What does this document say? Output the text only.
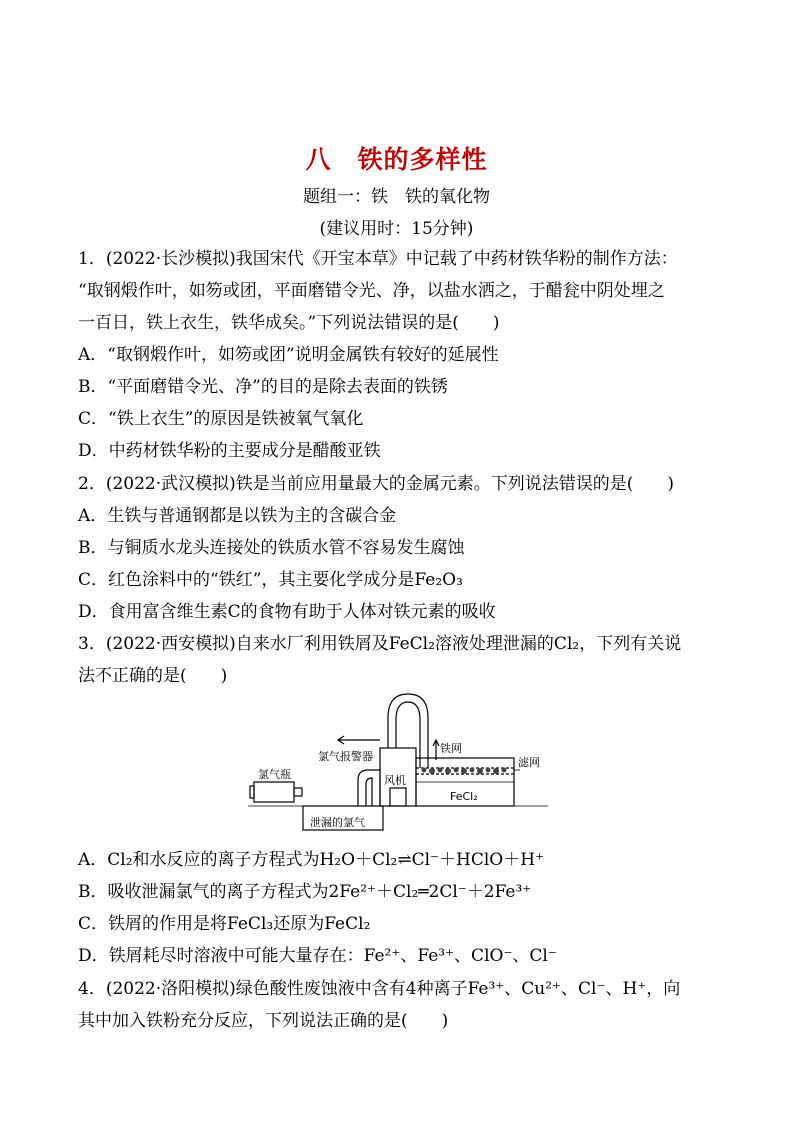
八　铁的多样性
题组一：铁　铁的氧化物
(建议用时：15分钟)
1．(2022·长沙模拟)我国宋代《开宝本草》中记载了中药材铁华粉的制作方法：
“取钢煅作叶，如笏或团，平面磨错令光、净，以盐水洒之，于醋瓮中阴处埋之
一百日，铁上衣生，铁华成矣。”下列说法错误的是(　　)
A．“取钢煅作叶，如笏或团”说明金属铁有较好的延展性
B．“平面磨错令光、净”的目的是除去表面的铁锈
C．“铁上衣生”的原因是铁被氧气氧化
D．中药材铁华粉的主要成分是醋酸亚铁
2．(2022·武汉模拟)铁是当前应用量最大的金属元素。下列说法错误的是(　　)
A．生铁与普通钢都是以铁为主的含碳合金
B．与铜质水龙头连接处的铁质水管不容易发生腐蚀
C．红色涂料中的“铁红”，其主要化学成分是Fe₂O₃
D．食用富含维生素C的食物有助于人体对铁元素的吸收
3．(2022·西安模拟)自来水厂利用铁屑及FeCl₂溶液处理泄漏的Cl₂，下列有关说
法不正确的是(　　)
氯气瓶
氯气报警器
风机
泄漏的氯气
铁网
滤网
FeCl₂
A．Cl₂和水反应的离子方程式为H₂O＋Cl₂⇌Cl⁻＋HClO＋H⁺
B．吸收泄漏氯气的离子方程式为2Fe²⁺＋Cl₂═2Cl⁻＋2Fe³⁺
C．铁屑的作用是将FeCl₃还原为FeCl₂
D．铁屑耗尽时溶液中可能大量存在：Fe²⁺、Fe³⁺、ClO⁻、Cl⁻
4．(2022·洛阳模拟)绿色酸性废蚀液中含有4种离子Fe³⁺、Cu²⁺、Cl⁻、H⁺，向
其中加入铁粉充分反应，下列说法正确的是(　　)
